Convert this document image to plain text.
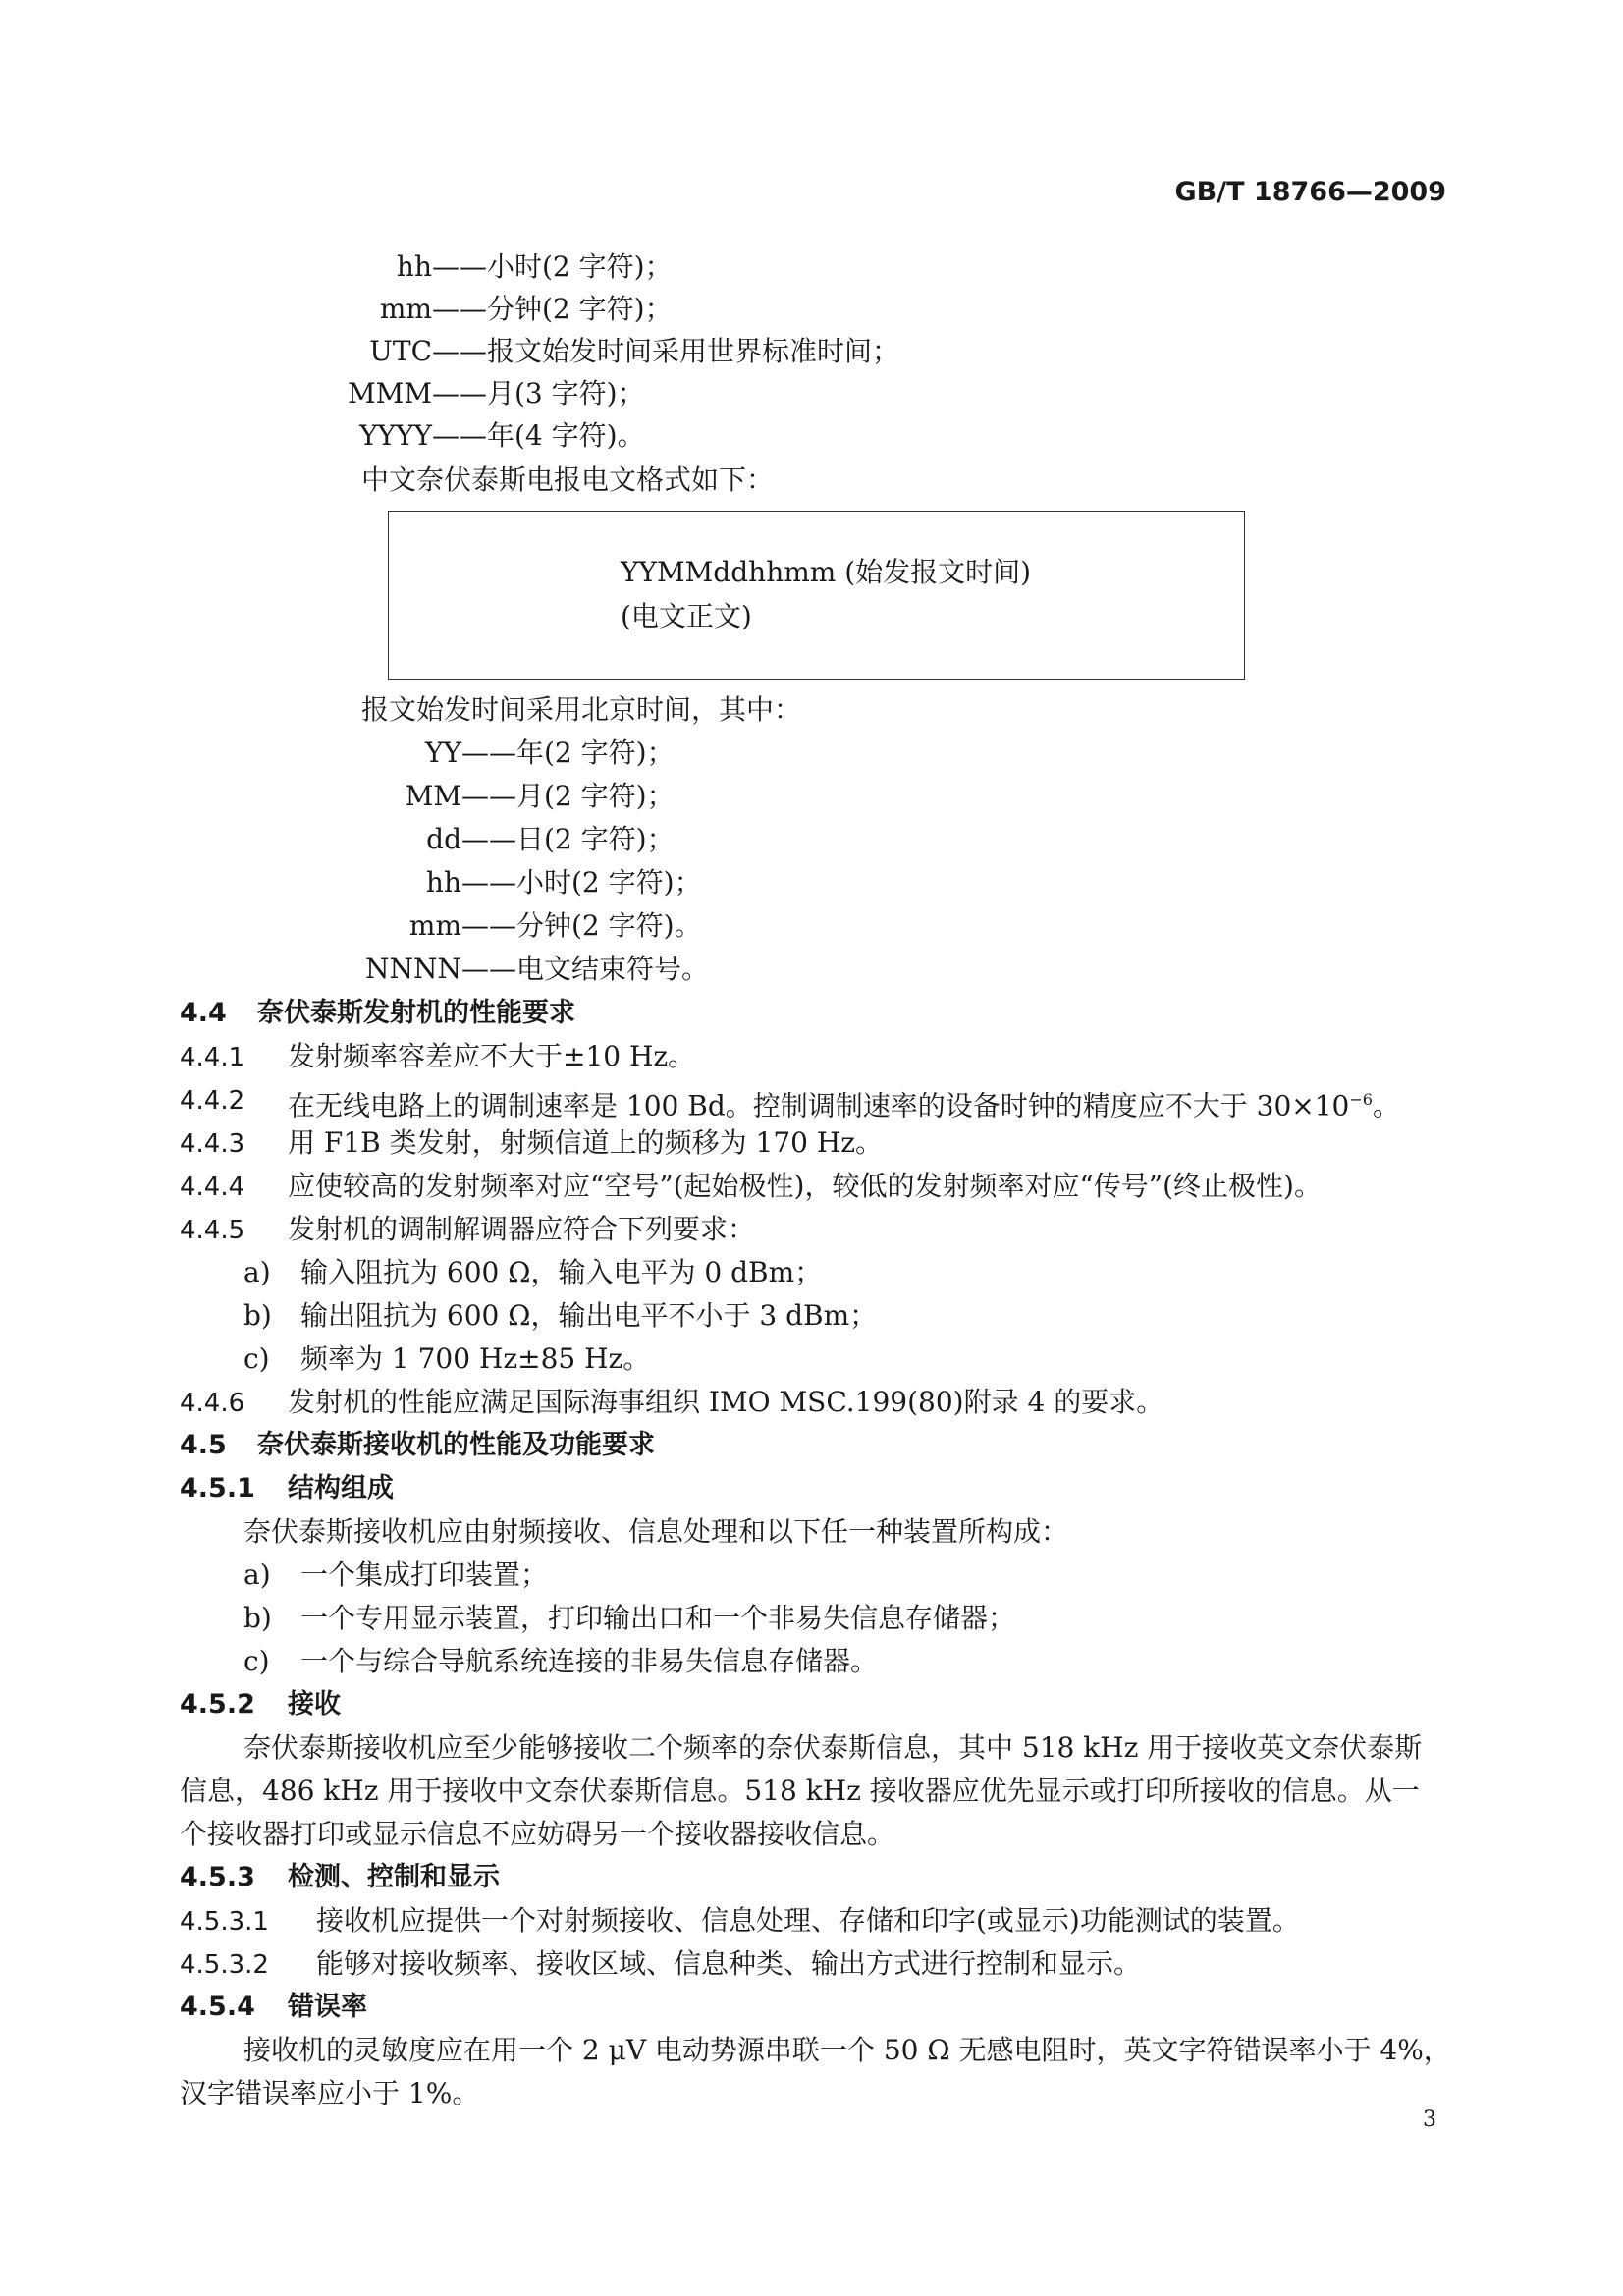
GB/T 18766—2009
hh ——小时(2 字符)；
mm ——分钟(2 字符)；
UTC ——报文始发时间采用世界标准时间；
MMM ——月(3 字符)；
YYYY ——年(4 字符)。
中文奈伏泰斯电报电文格式如下：
YYMMddhhmm (始发报文时间)
(电文正文)
报文始发时间采用北京时间，其中：
YY ——年(2 字符)；
MM ——月(2 字符)；
dd ——日(2 字符)；
hh ——小时(2 字符)；
mm ——分钟(2 字符)。
NNNN ——电文结束符号。
4.4 奈伏泰斯发射机的性能要求
4.4.1 发射频率容差应不大于±10 Hz。
4.4.2 在无线电路上的调制速率是 100 Bd。控制调制速率的设备时钟的精度应不大于 $30\times 10^{-6}$。
4.4.3 用 F1B 类发射，射频信道上的频移为 170 Hz。
4.4.4 应使较高的发射频率对应“空号”(起始极性)，较低的发射频率对应“传号”(终止极性)。
4.4.5 发射机的调制解调器应符合下列要求：
a) 输入阻抗为 600 Ω，输入电平为 0 dBm；
b) 输出阻抗为 600 Ω，输出电平不小于 3 dBm；
c) 频率为 1 700 Hz±85 Hz。
4.4.6 发射机的性能应满足国际海事组织 IMO MSC.199(80)附录 4 的要求。
4.5 奈伏泰斯接收机的性能及功能要求
4.5.1 结构组成
奈伏泰斯接收机应由射频接收、信息处理和以下任一种装置所构成：
a) 一个集成打印装置；
b) 一个专用显示装置，打印输出口和一个非易失信息存储器；
c) 一个与综合导航系统连接的非易失信息存储器。
4.5.2 接收
奈伏泰斯接收机应至少能够接收二个频率的奈伏泰斯信息，其中 518 kHz 用于接收英文奈伏泰斯
信息，486 kHz 用于接收中文奈伏泰斯信息。518 kHz 接收器应优先显示或打印所接收的信息。从一
个接收器打印或显示信息不应妨碍另一个接收器接收信息。
4.5.3 检测、控制和显示
4.5.3.1 接收机应提供一个对射频接收、信息处理、存储和印字(或显示)功能测试的装置。
4.5.3.2 能够对接收频率、接收区域、信息种类、输出方式进行控制和显示。
4.5.4 错误率
接收机的灵敏度应在用一个 2 μV 电动势源串联一个 50 Ω 无感电阻时，英文字符错误率小于 4%，
汉字错误率应小于 1%。
3
